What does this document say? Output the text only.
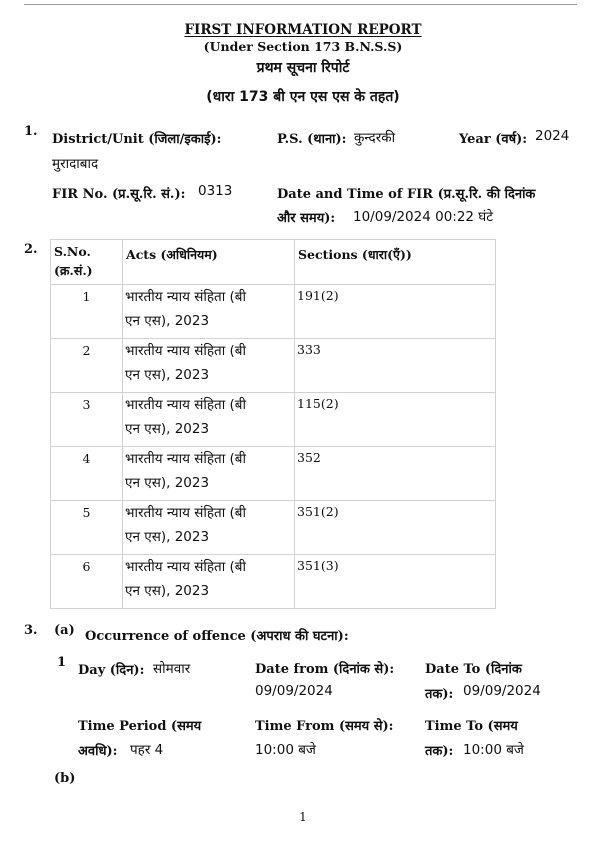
FIRST INFORMATION REPORT
(Under Section 173 B.N.S.S)
प्रथम सूचना रिपोर्ट
(धारा 173 बी एन एस एस के तहत)
1.
District/Unit (जिला/इकाई):
मुरादाबाद
P.S. (थाना): कुन्दरकी	Year (वर्ष): 2024
FIR No. (प्र.सू.रि. सं.): 0313	Date and Time of FIR (प्र.सू.रि. की दिनांक
और समय): 10/09/2024 00:22 घंटे
2. S.No.
(क्र.सं.)	Acts (अधिनियम)	Sections (धारा(एँ))
1	भारतीय न्याय संहिता (बी
एन एस), 2023	191(2)
2	भारतीय न्याय संहिता (बी
एन एस), 2023	333
3	भारतीय न्याय संहिता (बी
एन एस), 2023	115(2)
4	भारतीय न्याय संहिता (बी
एन एस), 2023	352
5	भारतीय न्याय संहिता (बी
एन एस), 2023	351(2)
6	भारतीय न्याय संहिता (बी
एन एस), 2023	351(3)
3. (a) Occurrence of offence (अपराध की घटना):
1
Day (दिन): सोमवार	Date from (दिनांक से):
09/09/2024
Date To (दिनांक
तक): 09/09/2024
Time Period (समय
अवधि): पहर 4
Time From (समय से):
10:00 बजे
Time To (समय
तक): 10:00 बजे
(b)
1
